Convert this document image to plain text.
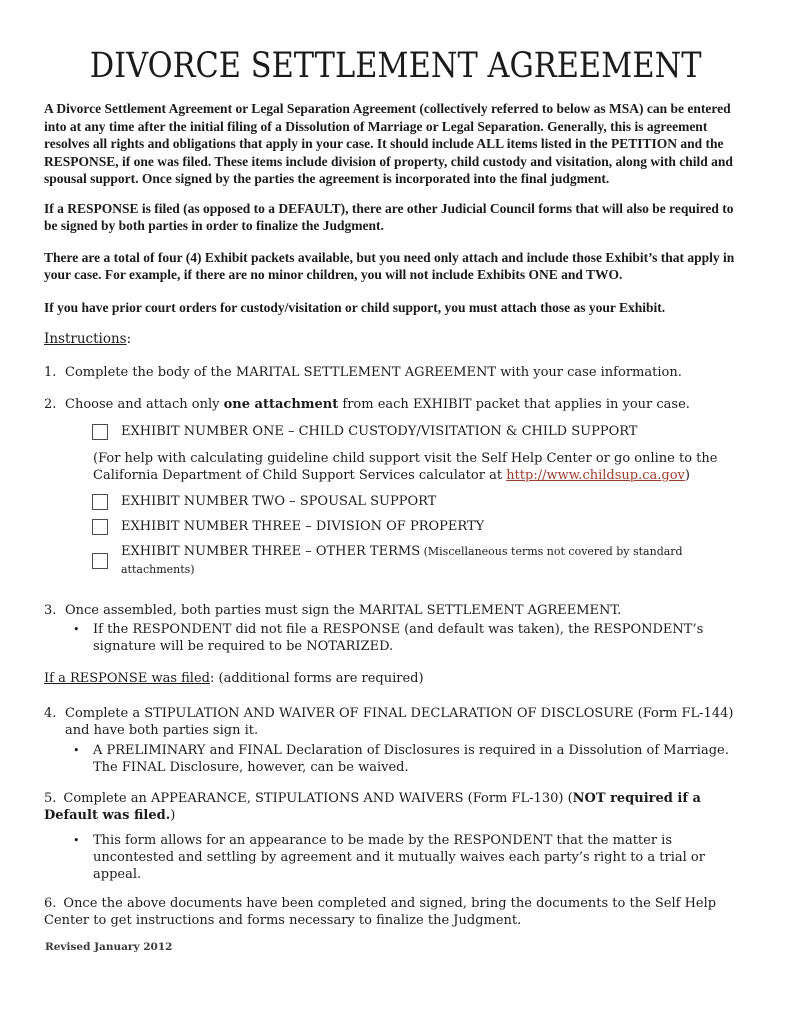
DIVORCE SETTLEMENT AGREEMENT

A Divorce Settlement Agreement or Legal Separation Agreement (collectively referred to below as MSA) can be entered into at any time after the initial filing of a Dissolution of Marriage or Legal Separation. Generally, this is agreement resolves all rights and obligations that apply in your case. It should include ALL items listed in the PETITION and the RESPONSE, if one was filed. These items include division of property, child custody and visitation, along with child and spousal support. Once signed by the parties the agreement is incorporated into the final judgment.

If a RESPONSE is filed (as opposed to a DEFAULT), there are other Judicial Council forms that will also be required to be signed by both parties in order to finalize the Judgment.

There are a total of four (4) Exhibit packets available, but you need only attach and include those Exhibit’s that apply in your case. For example, if there are no minor children, you will not include Exhibits ONE and TWO.

If you have prior court orders for custody/visitation or child support, you must attach those as your Exhibit.

Instructions:

1. Complete the body of the MARITAL SETTLEMENT AGREEMENT with your case information.
2. Choose and attach only one attachment from each EXHIBIT packet that applies in your case.
EXHIBIT NUMBER ONE – CHILD CUSTODY/VISITATION & CHILD SUPPORT

(For help with calculating guideline child support visit the Self Help Center or go online to the California Department of Child Support Services calculator at http://www.childsup.ca.gov)

EXHIBIT NUMBER TWO – SPOUSAL SUPPORT
EXHIBIT NUMBER THREE – DIVISION OF PROPERTY
EXHIBIT NUMBER THREE – OTHER TERMS (Miscellaneous terms not covered by standard attachments)
3. Once assembled, both parties must sign the MARITAL SETTLEMENT AGREEMENT.
•	If the RESPONDENT did not file a RESPONSE (and default was taken), the RESPONDENT’s signature will be required to be NOTARIZED.

If a RESPONSE was filed: (additional forms are required)

4. Complete a STIPULATION AND WAIVER OF FINAL DECLARATION OF DISCLOSURE (Form FL-144) and have both parties sign it.
•	A PRELIMINARY and FINAL Declaration of Disclosures is required in a Dissolution of Marriage. The FINAL Disclosure, however, can be waived.

5. Complete an APPEARANCE, STIPULATIONS AND WAIVERS (Form FL-130) (NOT required if a Default was filed.)

•	This form allows for an appearance to be made by the RESPONDENT that the matter is uncontested and settling by agreement and it mutually waives each party’s right to a trial or appeal.

6. Once the above documents have been completed and signed, bring the documents to the Self Help Center to get instructions and forms necessary to finalize the Judgment.

Revised January 2012
